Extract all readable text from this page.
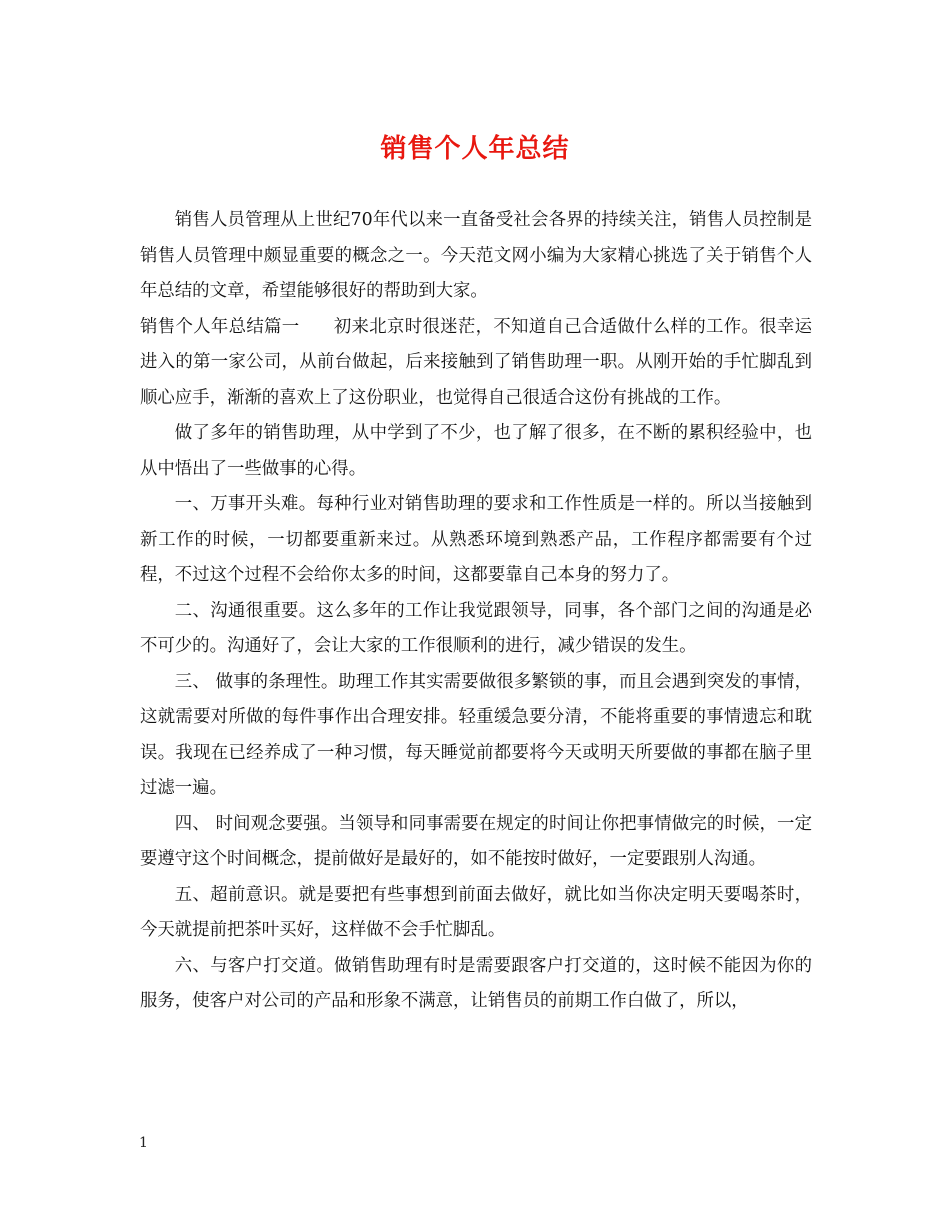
销售个人年总结

销售人员管理从上世纪70年代以来一直备受社会各界的持续关注，销售人员控制是销售人员管理中颇显重要的概念之一。今天范文网小编为大家精心挑选了关于销售个人年总结的文章，希望能够很好的帮助到大家。

销售个人年总结篇一 初来北京时很迷茫，不知道自己合适做什么样的工作。很幸运进入的第一家公司，从前台做起，后来接触到了销售助理一职。从刚开始的手忙脚乱到顺心应手，渐渐的喜欢上了这份职业，也觉得自己很适合这份有挑战的工作。

做了多年的销售助理，从中学到了不少，也了解了很多，在不断的累积经验中，也从中悟出了一些做事的心得。

一、万事开头难。每种行业对销售助理的要求和工作性质是一样的。所以当接触到新工作的时候，一切都要重新来过。从熟悉环境到熟悉产品，工作程序都需要有个过程，不过这个过程不会给你太多的时间，这都要靠自己本身的努力了。

二、沟通很重要。这么多年的工作让我觉跟领导，同事，各个部门之间的沟通是必不可少的。沟通好了，会让大家的工作很顺利的进行，减少错误的发生。

三、 做事的条理性。助理工作其实需要做很多繁锁的事，而且会遇到突发的事情，这就需要对所做的每件事作出合理安排。轻重缓急要分清，不能将重要的事情遗忘和耽误。我现在已经养成了一种习惯，每天睡觉前都要将今天或明天所要做的事都在脑子里过滤一遍。

四、 时间观念要强。当领导和同事需要在规定的时间让你把事情做完的时候，一定要遵守这个时间概念，提前做好是最好的，如不能按时做好，一定要跟别人沟通。

五、超前意识。就是要把有些事想到前面去做好，就比如当你决定明天要喝茶时，今天就提前把茶叶买好，这样做不会手忙脚乱。

六、与客户打交道。做销售助理有时是需要跟客户打交道的，这时候不能因为你的服务，使客户对公司的产品和形象不满意，让销售员的前期工作白做了，所以，

1
